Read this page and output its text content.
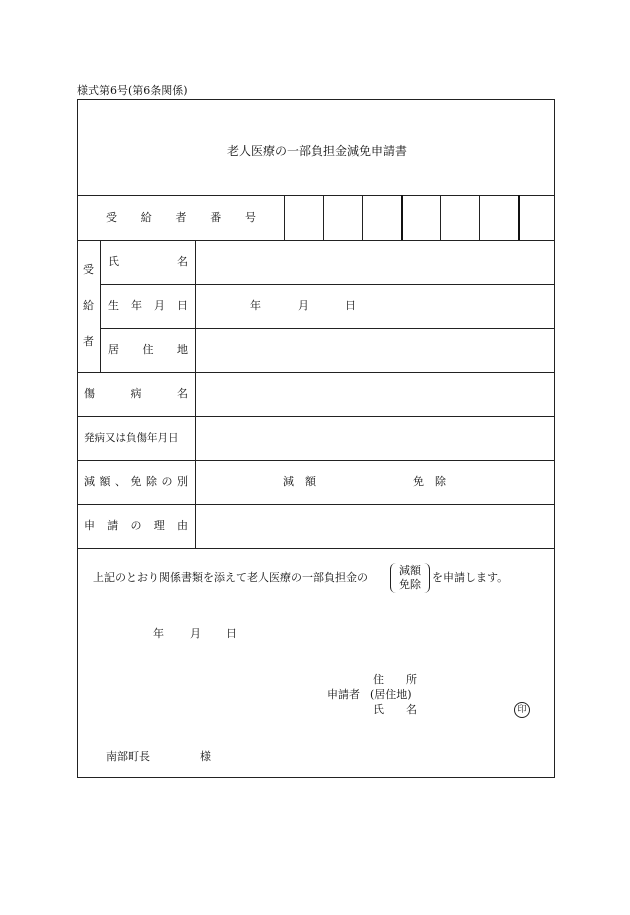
様式第6号(第6条関係)
老人医療の一部負担金減免申請書
受 給 者 番 号
受
給
者
氏	名
生 年 月 日	年	月	日
居 住 地
傷	病	名
発病又は負傷年月日
減 額 、 免 除 の 別	減　額	免　除
申 請 の 理 由
上記のとおり関係書類を添えて老人医療の一部負担金の
減額
免除
を申請します。
年 月 日
住　　所
申請者 (居住地)
氏　　名	印
南部町長	様
